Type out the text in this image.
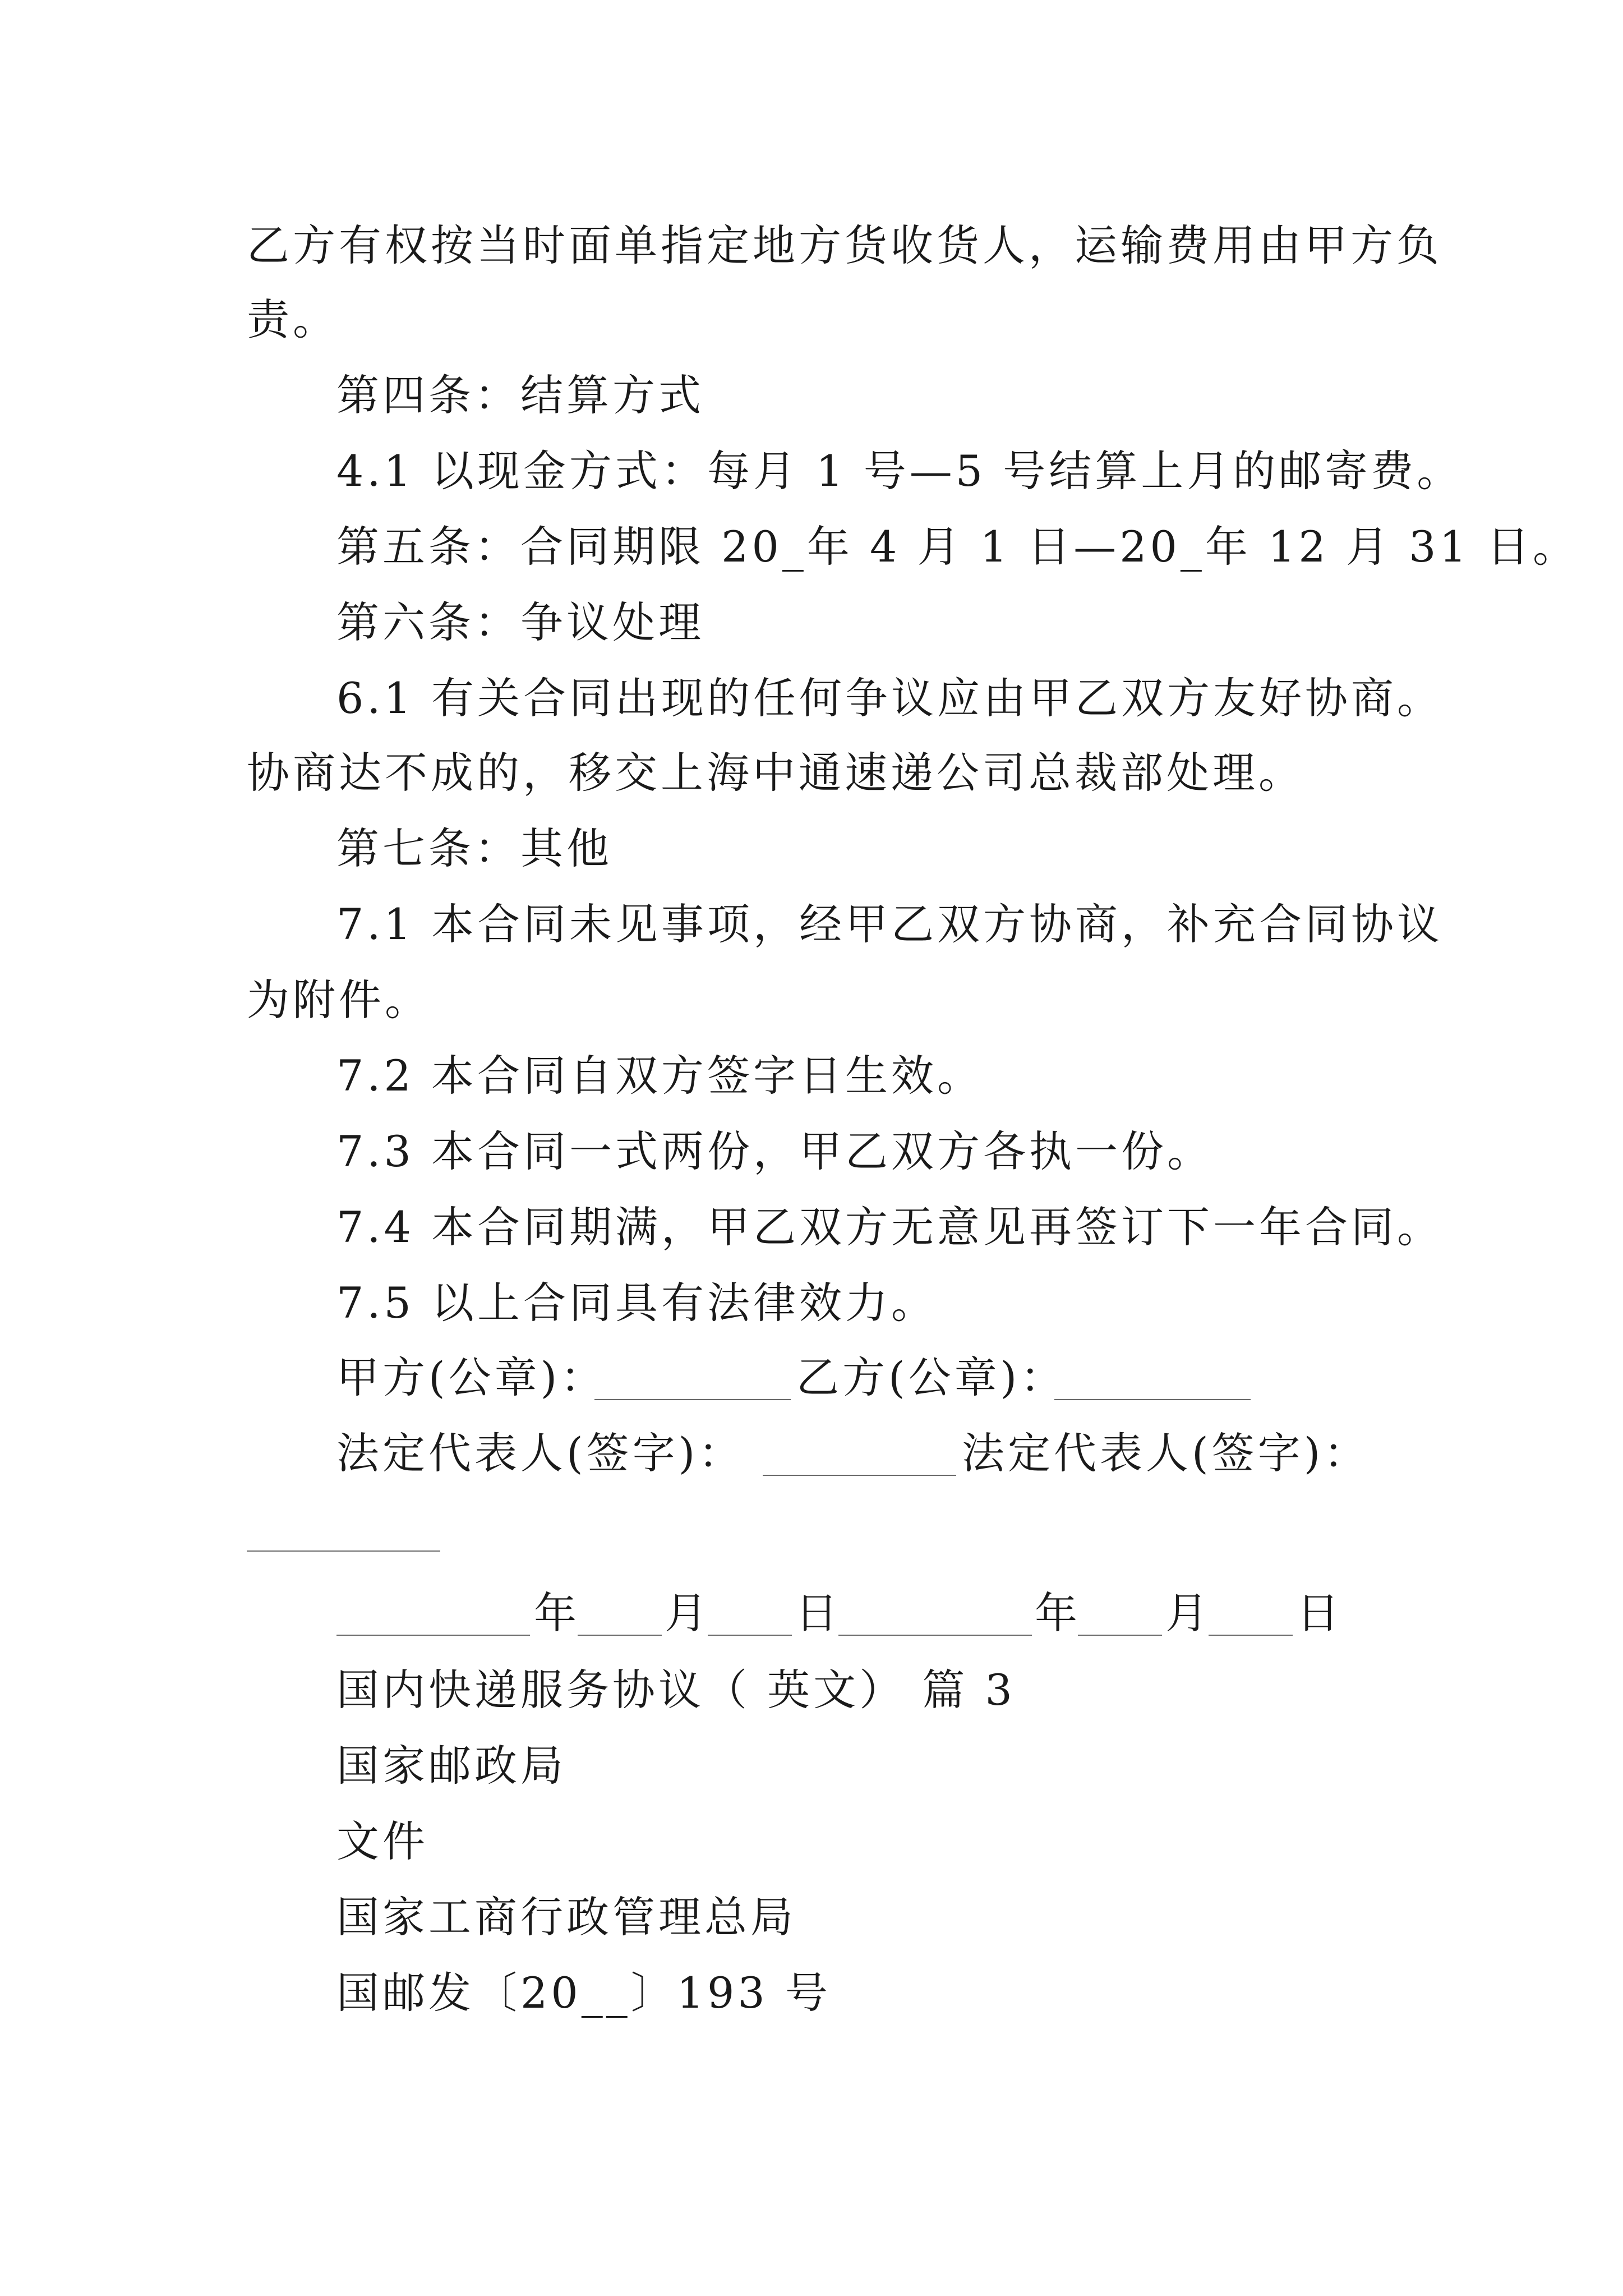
乙方有权按当时面单指定地方货收货人，运输费用由甲方负
责。
第四条：结算方式
4.1 以现金方式：每月 1 号—5 号结算上月的邮寄费。
第五条：合同期限 20_年 4 月 1 日—20_年 12 月 31 日。
第六条：争议处理
6.1 有关合同出现的任何争议应由甲乙双方友好协商。
协商达不成的，移交上海中通速递公司总裁部处理。
第七条：其他
7.1 本合同未见事项，经甲乙双方协商，补充合同协议
为附件。
7.2 本合同自双方签字日生效。
7.3 本合同一式两份，甲乙双方各执一份。
7.4 本合同期满，甲乙双方无意见再签订下一年合同。
7.5 以上合同具有法律效力。
甲方(公章)：	乙方(公章)：
法定代表人(签字)：	法定代表人(签字)：
年 月 日	年 月 日
国内快递服务协议（ 英文） 篇 3
国家邮政局
文件
国家工商行政管理总局
国邮发〔20__〕193 号
